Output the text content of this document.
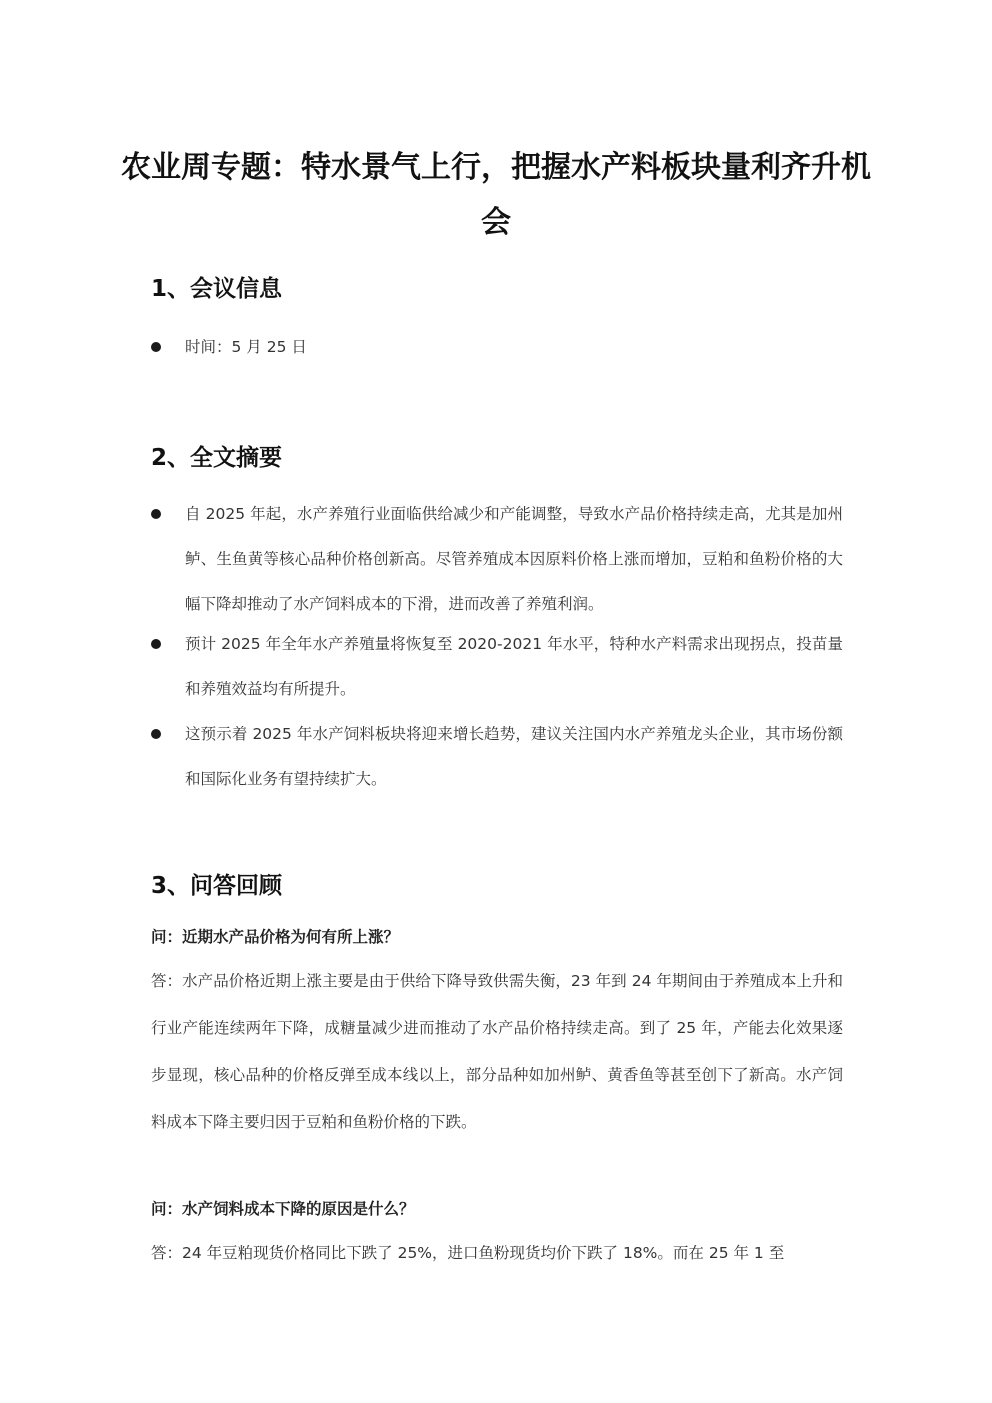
农业周专题：特水景气上行，把握水产料板块量利齐升机会
1、会议信息
时间：5 月 25 日
2、全文摘要
自 2025 年起，水产养殖行业面临供给减少和产能调整，导致水产品价格持续走高，尤其是加州鲈、生鱼黄等核心品种价格创新高。尽管养殖成本因原料价格上涨而增加，豆粕和鱼粉价格的大幅下降却推动了水产饲料成本的下滑，进而改善了养殖利润。
预计 2025 年全年水产养殖量将恢复至 2020-2021 年水平，特种水产料需求出现拐点，投苗量和养殖效益均有所提升。
这预示着 2025 年水产饲料板块将迎来增长趋势，建议关注国内水产养殖龙头企业，其市场份额和国际化业务有望持续扩大。
3、问答回顾
问：近期水产品价格为何有所上涨？
答：水产品价格近期上涨主要是由于供给下降导致供需失衡，23 年到 24 年期间由于养殖成本上升和行业产能连续两年下降，成糖量减少进而推动了水产品价格持续走高。到了 25 年，产能去化效果逐步显现，核心品种的价格反弹至成本线以上，部分品种如加州鲈、黄香鱼等甚至创下了新高。水产饲料成本下降主要归因于豆粕和鱼粉价格的下跌。
问：水产饲料成本下降的原因是什么？
答：24 年豆粕现货价格同比下跌了 25%，进口鱼粉现货均价下跌了 18%。而在 25 年 1 至
